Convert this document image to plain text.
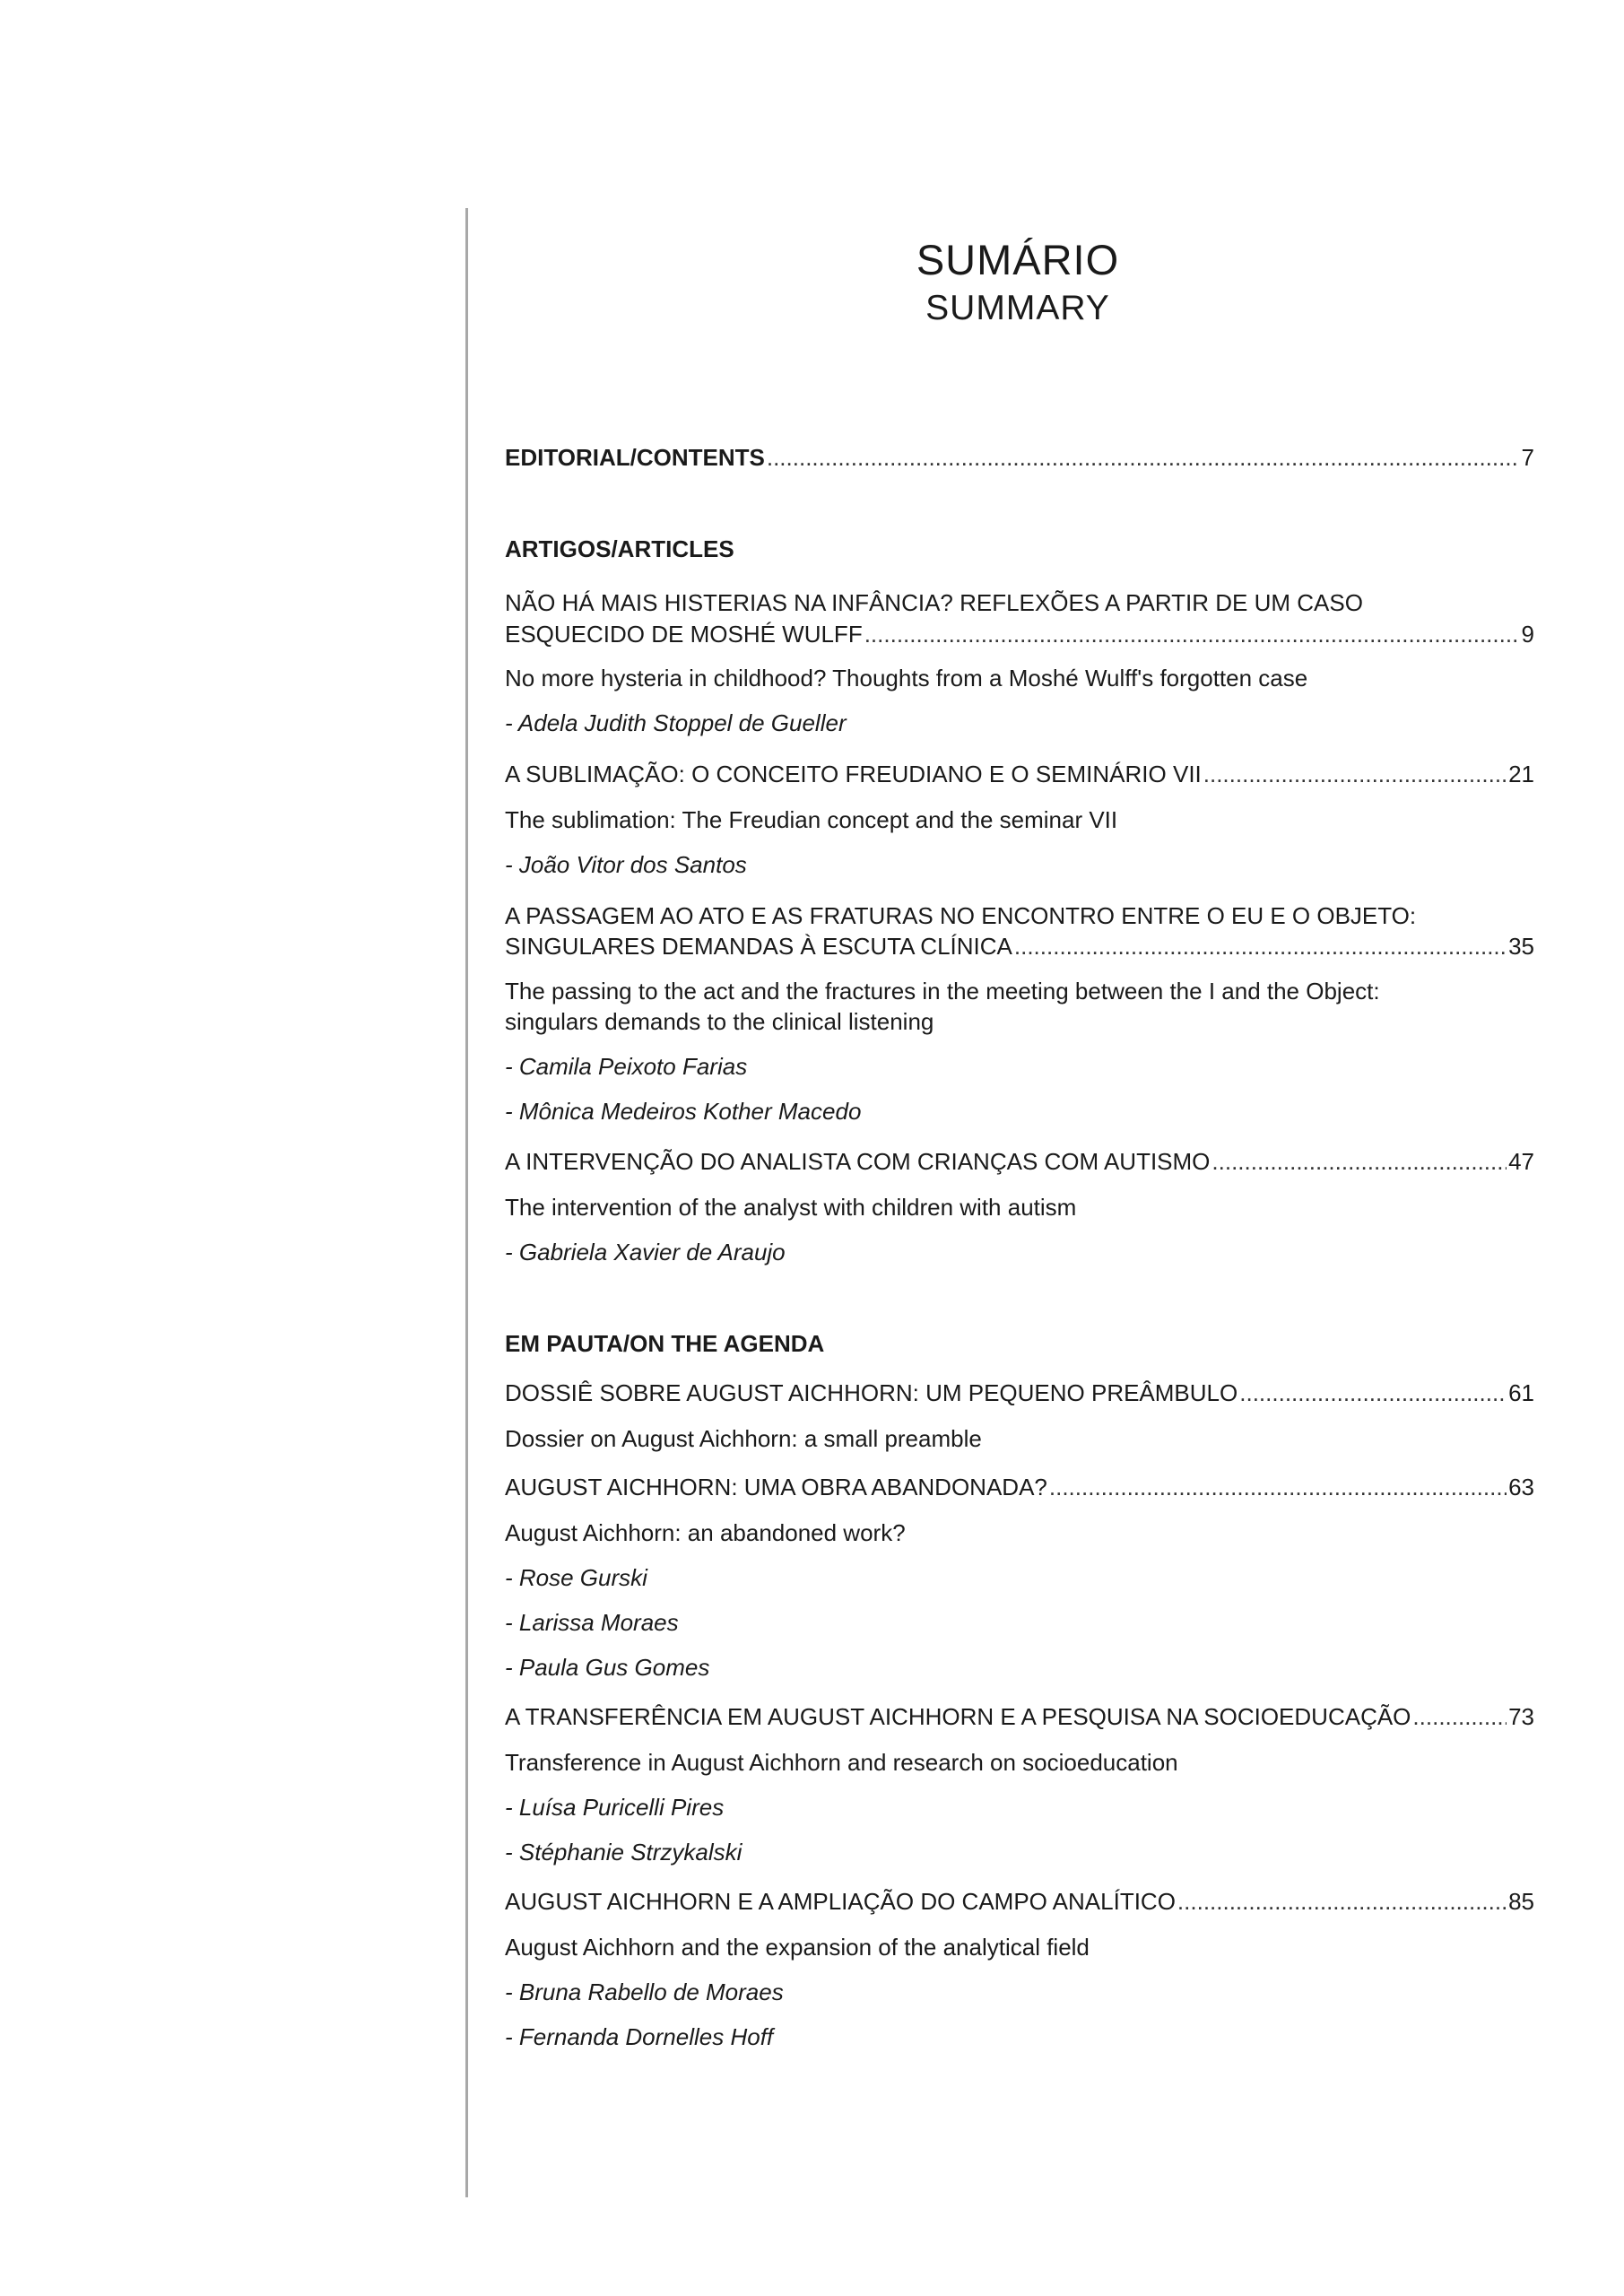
SUMÁRIO
SUMMARY
EDITORIAL/CONTENTS .....	7
ARTIGOS/ARTICLES
NÃO HÁ MAIS HISTERIAS NA INFÂNCIA? REFLEXÕES A PARTIR DE UM CASO
ESQUECIDO DE MOSHÉ WULFF .....	9
No more hysteria in childhood? Thoughts from a Moshé Wulff's forgotten case
- Adela Judith Stoppel de Gueller
A SUBLIMAÇÃO: O CONCEITO FREUDIANO E O SEMINÁRIO VII .....	21
The sublimation: The Freudian concept and the seminar VII
- João Vitor dos Santos
A PASSAGEM AO ATO E AS FRATURAS NO ENCONTRO ENTRE O EU E O OBJETO:
SINGULARES DEMANDAS À ESCUTA CLÍNICA .....	35
The passing to the act and the fractures in the meeting between the I and the Object:
singulars demands to the clinical listening
- Camila Peixoto Farias
- Mônica Medeiros Kother Macedo
A INTERVENÇÃO DO ANALISTA COM CRIANÇAS COM AUTISMO .....	47
The intervention of the analyst with children with autism
- Gabriela Xavier de Araujo
EM PAUTA/ON THE AGENDA
DOSSIÊ SOBRE AUGUST AICHHORN: UM PEQUENO PREÂMBULO .....	61
Dossier on August Aichhorn: a small preamble
AUGUST AICHHORN: UMA OBRA ABANDONADA? .....	63
August Aichhorn: an abandoned work?
- Rose Gurski
- Larissa Moraes
- Paula Gus Gomes
A TRANSFERÊNCIA EM AUGUST AICHHORN E A PESQUISA NA SOCIOEDUCAÇÃO .....	73
Transference in August Aichhorn and research on socioeducation
- Luísa Puricelli Pires
- Stéphanie Strzykalski
AUGUST AICHHORN E A AMPLIAÇÃO DO CAMPO ANALÍTICO .....	85
August Aichhorn and the expansion of the analytical field
- Bruna Rabello de Moraes
- Fernanda Dornelles Hoff
